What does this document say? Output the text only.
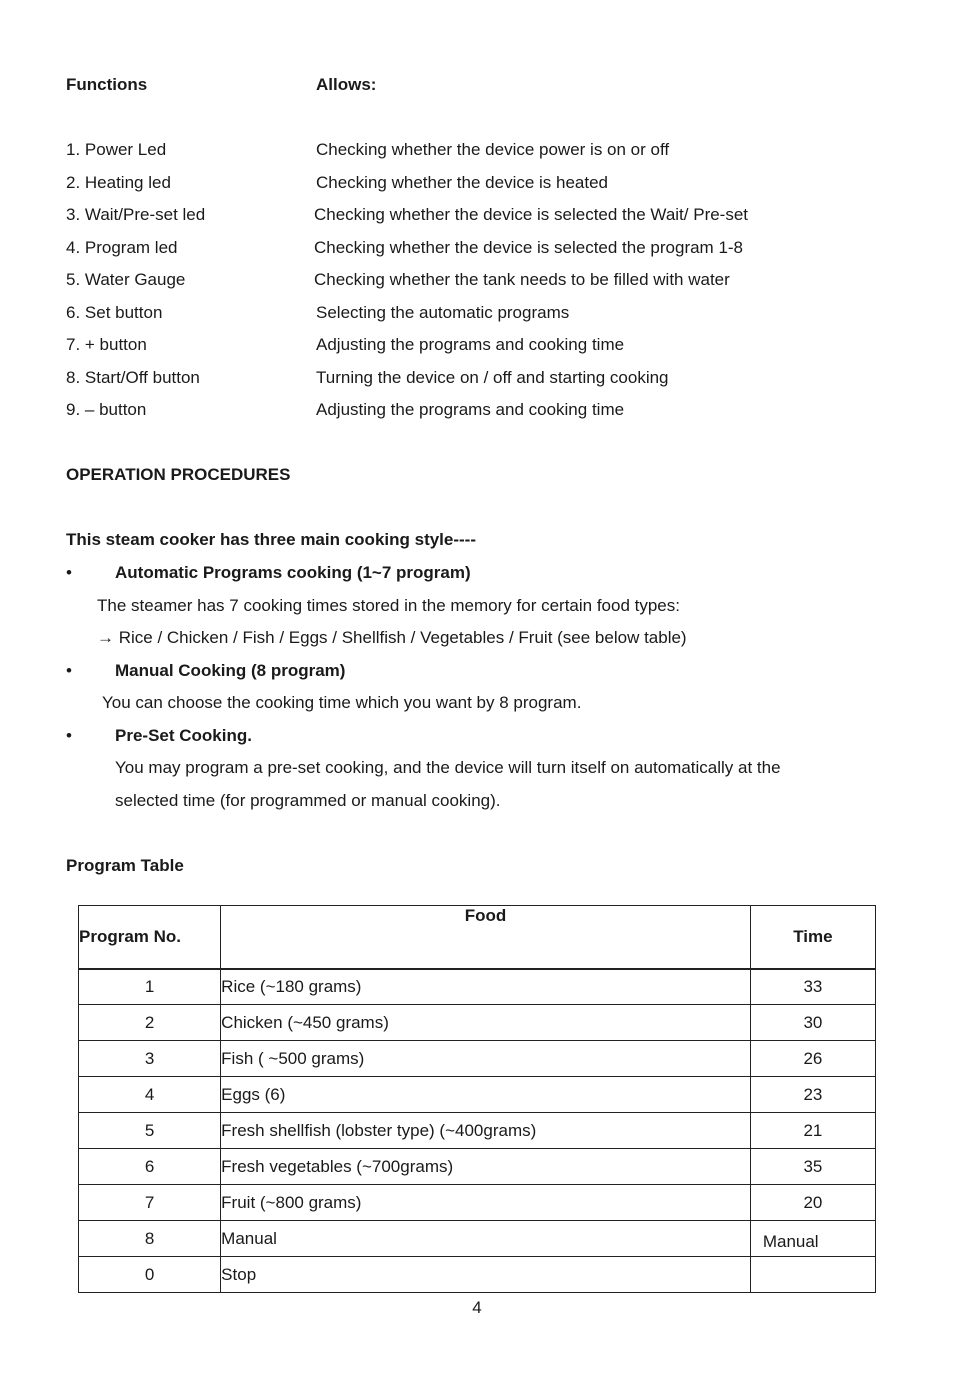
Functions	Allows:
1. Power Led	Checking whether the device power is on or off
2. Heating led	Checking whether the device is heated
3. Wait/Pre-set led	Checking whether the device is selected the Wait/ Pre-set
4. Program led	Checking whether the device is selected the program 1-8
5. Water Gauge	Checking whether the tank needs to be filled with water
6. Set button	Selecting the automatic programs
7. + button	Adjusting the programs and cooking time
8. Start/Off button	Turning the device on / off and starting cooking
9. – button	Adjusting the programs and cooking time
OPERATION PROCEDURES
This steam cooker has three main cooking style----
•	Automatic Programs cooking (1~7 program)
The steamer has 7 cooking times stored in the memory for certain food types:
→ Rice / Chicken / Fish / Eggs / Shellfish / Vegetables / Fruit (see below table)
•	Manual Cooking (8 program)
You can choose the cooking time which you want by 8 program.
•	Pre-Set Cooking.
You may program a pre-set cooking, and the device will turn itself on automatically at the
selected time (for programmed or manual cooking).
Program Table
Program No.	Food	Time
1	Rice (~180 grams)	33
2	Chicken (~450 grams)	30
3	Fish ( ~500 grams)	26
4	Eggs (6)	23
5	Fresh shellfish (lobster type) (~400grams)	21
6	Fresh vegetables (~700grams)	35
7	Fruit (~800 grams)	20
8	Manual	Manual
0	Stop	
4
